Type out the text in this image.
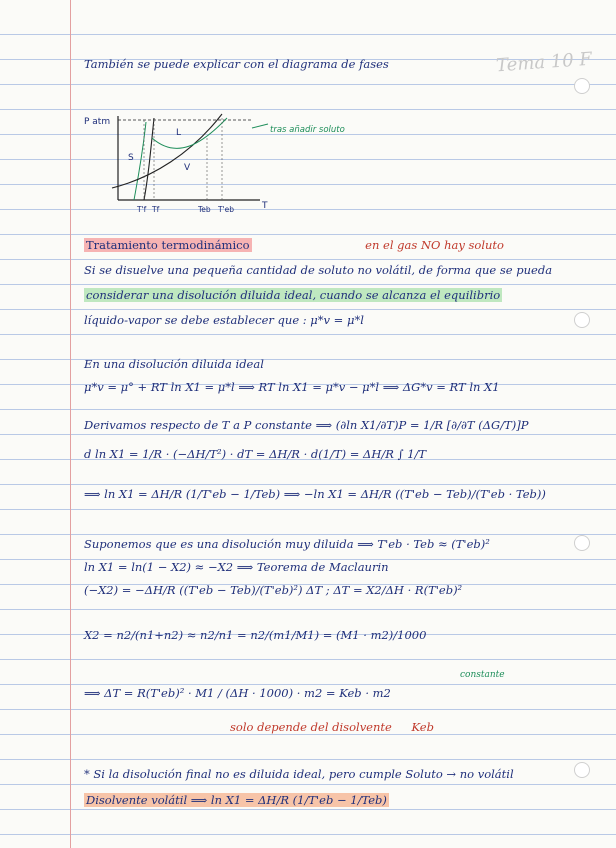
Tema 10 F
También se puede explicar con el diagrama de fases
P atm
L
S
V
tras añadir soluto
T'f Tf	Teb T'eb	T
Tratamiento termodinámico	en el gas NO hay soluto
Si se disuelve una pequeña cantidad de soluto no volátil, de forma que se pueda
considerar una disolución diluida ideal, cuando se alcanza el equilibrio
líquido-vapor se debe establecer que : μ*v = μ*l
En una disolución diluida ideal
μ*v = μ° + RT ln X1 = μ*l ⟹ RT ln X1 = μ*v − μ*l ⟹ ΔG*v = RT ln X1
Derivamos respecto de T a P constante ⟹ (∂ln X1/∂T)P = 1/R [∂/∂T (ΔG/T)]P
d ln X1 = 1/R · (−ΔH/T²) · dT = ΔH/R · d(1/T) = ΔH/R ∫ 1/T
⟹ ln X1 = ΔH/R (1/T'eb − 1/Teb) ⟹ −ln X1 = ΔH/R ((T'eb − Teb)/(T'eb · Teb))
Suponemos que es una disolución muy diluida ⟹ T'eb · Teb ≈ (T'eb)²
ln X1 = ln(1 − X2) ≈ −X2 ⟹ Teorema de Maclaurin
(−X2) = −ΔH/R ((T'eb − Teb)/(T'eb)²) ΔT ; ΔT = X2/ΔH · R(T'eb)²
X2 = n2/(n1+n2) ≈ n2/n1 = n2/(m1/M1) = (M1 · m2)/1000
⟹ ΔT = R(T'eb)² · M1 / (ΔH · 1000) · m2 = Keb · m2
constante
solo depende del disolvente Keb
* Si la disolución final no es diluida ideal, pero cumple Soluto → no volátil
Disolvente volátil ⟹ ln X1 = ΔH/R (1/T'eb − 1/Teb)
